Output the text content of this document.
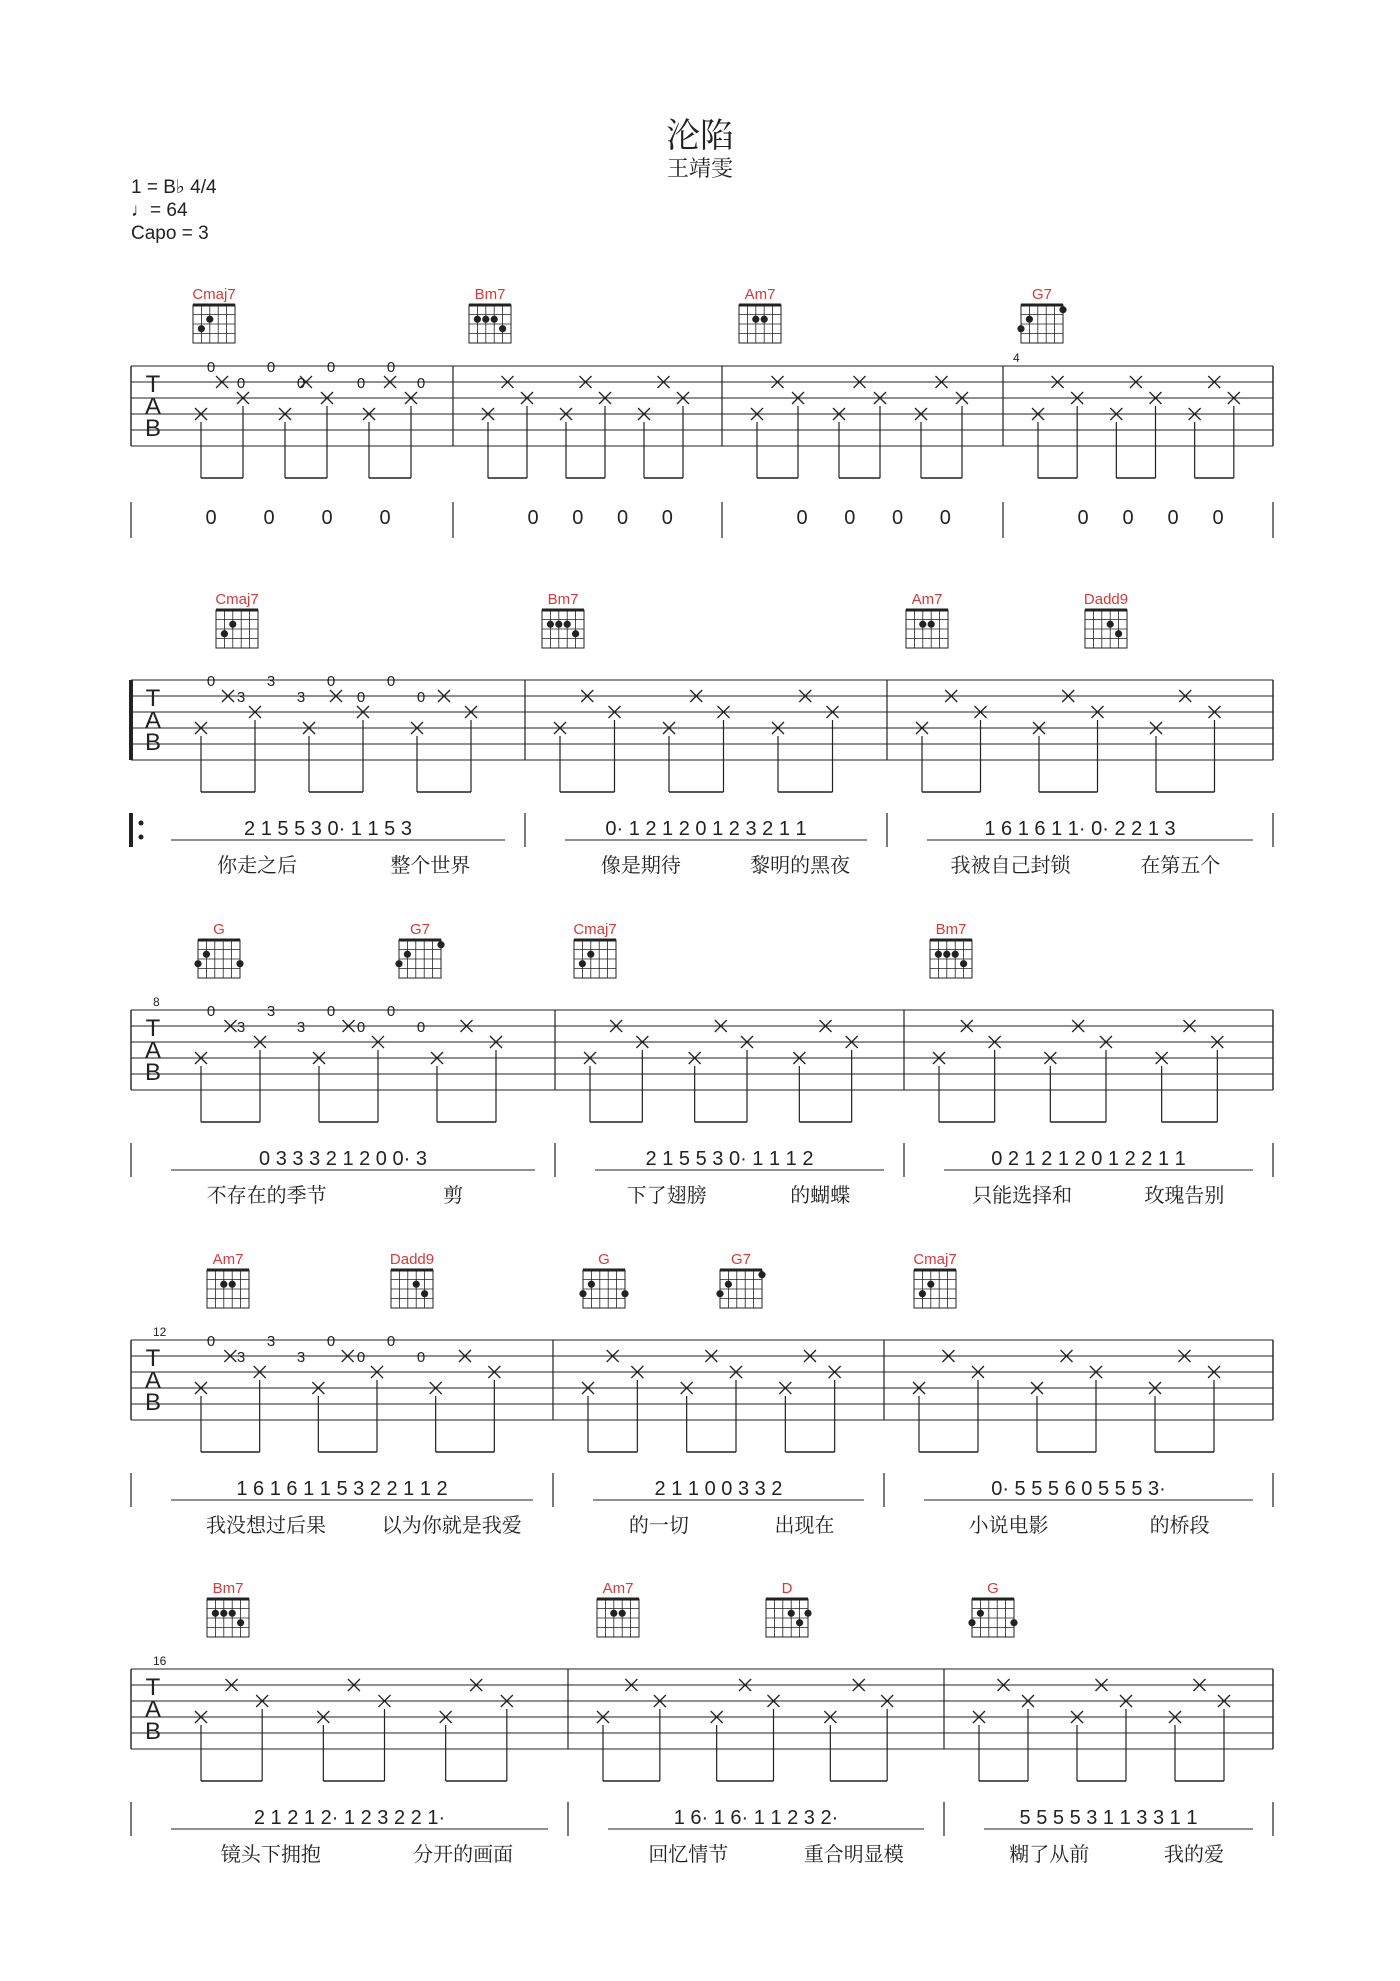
沦陷
王靖雯
1 = B♭ 4/4
♩= 64
Capo = 3
T
A
B
4
Cmaj7	Bm7	Am7	G7
0
0
0
0
0
0
0
0
0 0 0 0	0 0 0 0	0 0 0 0	0 0 0 0
T
A
B
Cmaj7	Bm7	Am7	Dadd9
0
3
3
3
0
0
0
0
2 1 5 5 3 0· 1 1 5 3	0· 1 2 1 2 0 1 2 3 2 1 1	1 6 1 6 1 1· 0· 2 2 1 3
你走之后	整个世界	像是期待	黎明的黑夜	我被自己封锁	在第五个
T
A
B
8
G	G7	Cmaj7	Bm7
0
3
3
3
0
0
0
0
0 3 3 3 2 1 2 0 0· 3	2 1 5 5 3 0· 1 1 1 2	0 2 1 2 1 2 0 1 2 2 1 1
不存在的季节	剪	下了翅膀	的蝴蝶	只能选择和	玫瑰告别
T
A
B
12
Am7	Dadd9	G	G7	Cmaj7
0
3
3
3
0
0
0
0
1 6 1 6 1 1 5 3 2 2 1 1 2	2 1 1 0 0 3 3 2	0· 5 5 5 6 0 5 5 5 3·
我没想过后果	以为你就是我爱	的一切	出现在	小说电影	的桥段
T
A
B
16
Bm7	Am7	D	G
2 1 2 1 2· 1 2 3 2 2 1·	1 6· 1 6· 1 1 2 3 2·	5 5 5 5 3 1 1 3 3 1 1
镜头下拥抱	分开的画面	回忆情节	重合明显模	糊了从前	我的爱
